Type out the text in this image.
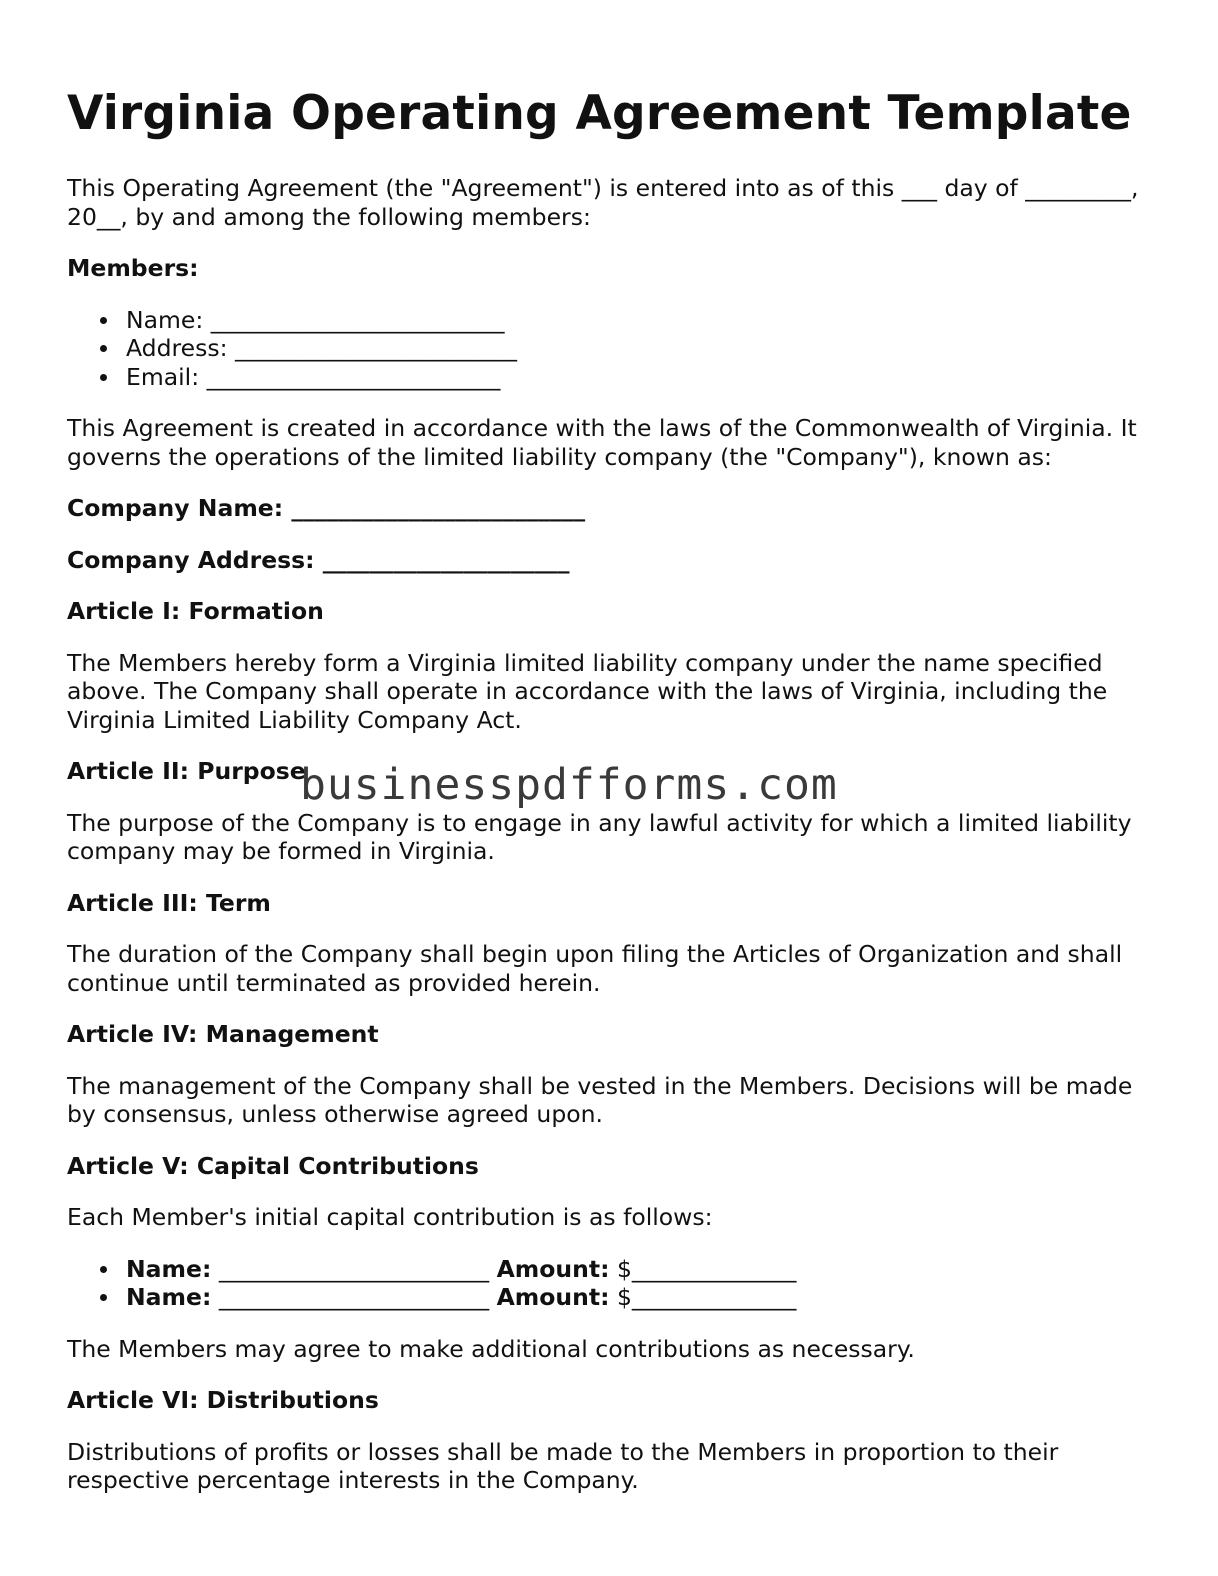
Virginia Operating Agreement Template

This Operating Agreement (the "Agreement") is entered into as of this ___ day of _________, 20__, by and among the following members:

Members:
Name: _________________________
Address: ________________________
Email: _________________________

This Agreement is created in accordance with the laws of the Commonwealth of Virginia. It governs the operations of the limited liability company (the "Company"), known as:

Company Name: _________________________
Company Address: _____________________
Article I: Formation

The Members hereby form a Virginia limited liability company under the name specified above. The Company shall operate in accordance with the laws of Virginia, including the Virginia Limited Liability Company Act.

Article II: Purpose

The purpose of the Company is to engage in any lawful activity for which a limited liability company may be formed in Virginia.

Article III: Term

The duration of the Company shall begin upon filing the Articles of Organization and shall continue until terminated as provided herein.

Article IV: Management

The management of the Company shall be vested in the Members. Decisions will be made by consensus, unless otherwise agreed upon.

Article V: Capital Contributions

Each Member's initial capital contribution is as follows:

Name: _______________________ Amount: $______________
Name: _______________________ Amount: $______________

The Members may agree to make additional contributions as necessary.

Article VI: Distributions

Distributions of profits or losses shall be made to the Members in proportion to their respective percentage interests in the Company.

businesspdfforms.com
